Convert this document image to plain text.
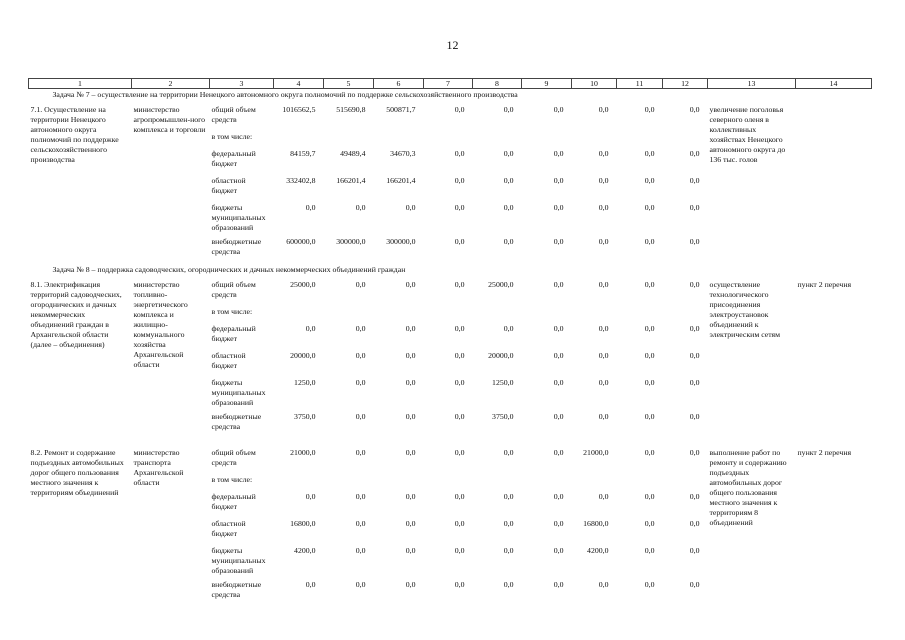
12
1	2	3	4	5	6	7	8	9	10	11	12	13	14
Задача № 7 – осуществление на территории Ненецкого автономного округа полномочий по поддержке сельскохозяйственного производства													
7.1. Осуществление на территории Ненецкого автономного округа полномочий по поддержке сельскохозяйственного производства	министерство агропромышлен-ного комплекса и торговли	общий объем средств	1016562,5	515690,8	500871,7	0,0	0,0	0,0	0,0	0,0	0,0	увеличение поголовья северного оленя в коллективных хозяйствах Ненецкого автономного округа до 136 тыс. голов	
		в том числе:											
		федеральный бюджет	84159,7	49489,4	34670,3	0,0	0,0	0,0	0,0	0,0	0,0		
		областной бюджет	332402,8	166201,4	166201,4	0,0	0,0	0,0	0,0	0,0	0,0		
		бюджеты муниципальных образований	0,0	0,0	0,0	0,0	0,0	0,0	0,0	0,0	0,0		
		внебюджетные средства	600000,0	300000,0	300000,0	0,0	0,0	0,0	0,0	0,0	0,0		
Задача № 8 – поддержка садоводческих, огороднических и дачных некоммерческих объединений граждан													
8.1. Электрификация территорий садоводческих, огороднических и дачных некоммерческих объединений граждан в Архангельской области (далее – объединения)	министерство топливно-энергетического комплекса и жилищно-коммунального хозяйства Архангельской области	общий объем средств	25000,0	0,0	0,0	0,0	25000,0	0,0	0,0	0,0	0,0	осуществление технологического присоединения электроустановок объединений к электрическим сетям	пункт 2 перечня
		в том числе:											
		федеральный бюджет	0,0	0,0	0,0	0,0	0,0	0,0	0,0	0,0	0,0		
		областной бюджет	20000,0	0,0	0,0	0,0	20000,0	0,0	0,0	0,0	0,0		
		бюджеты муниципальных образований	1250,0	0,0	0,0	0,0	1250,0	0,0	0,0	0,0	0,0		
		внебюджетные средства	3750,0	0,0	0,0	0,0	3750,0	0,0	0,0	0,0	0,0		

8.2. Ремонт и содержание подъездных автомобильных дорог общего пользования местного значения к территориям объединений	министерство транспорта Архангельской области	общий объем средств	21000,0	0,0	0,0	0,0	0,0	0,0	21000,0	0,0	0,0	выполнение работ по ремонту и содержанию подъездных автомобильных дорог общего пользования местного значения к территориям 8 объединений	пункт 2 перечня
		в том числе:											
		федеральный бюджет	0,0	0,0	0,0	0,0	0,0	0,0	0,0	0,0	0,0		
		областной бюджет	16800,0	0,0	0,0	0,0	0,0	0,0	16800,0	0,0	0,0		
		бюджеты муниципальных образований	4200,0	0,0	0,0	0,0	0,0	0,0	4200,0	0,0	0,0		
		внебюджетные средства	0,0	0,0	0,0	0,0	0,0	0,0	0,0	0,0	0,0		
